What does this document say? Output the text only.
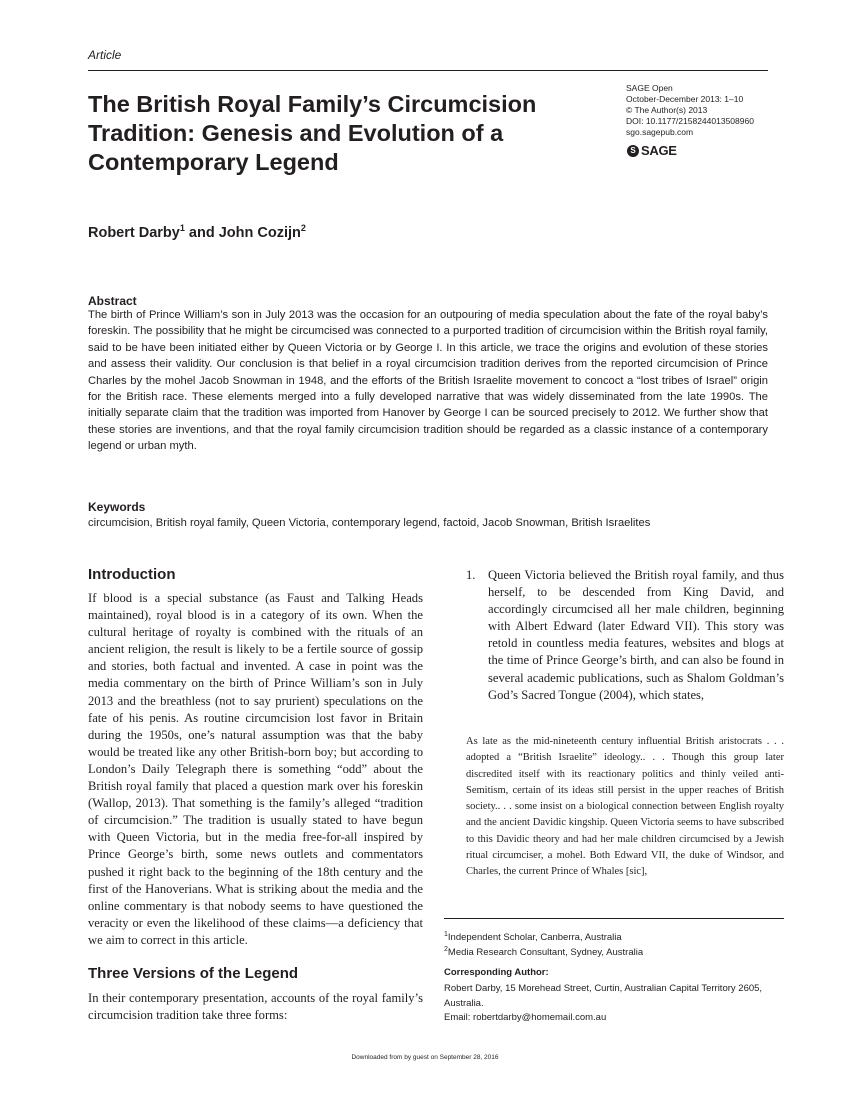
Article
The British Royal Family’s Circumcision
Tradition: Genesis and Evolution of a
Contemporary Legend
SAGE Open
October-December 2013: 1–10
© The Author(s) 2013
DOI: 10.1177/2158244013508960
sgo.sagepub.com
S SAGE
Robert Darby$^1$ and John Cozijn$^2$
Abstract
The birth of Prince William’s son in July 2013 was the occasion for an outpouring of media speculation about the fate of the royal baby’s foreskin. The possibility that he might be circumcised was connected to a purported tradition of circumcision within the British royal family, said to be have been initiated either by Queen Victoria or by George I. In this article, we trace the origins and evolution of these stories and assess their validity. Our conclusion is that belief in a royal circumcision tradition derives from the reported circumcision of Prince Charles by the mohel Jacob Snowman in 1948, and the efforts of the British Israelite movement to concoct a “lost tribes of Israel” origin for the British race. These elements merged into a fully developed narrative that was widely disseminated from the late 1990s. The initially separate claim that the tradition was imported from Hanover by George I can be sourced precisely to 2012. We further show that these stories are inventions, and that the royal family circumcision tradition should be regarded as a classic instance of a contemporary legend or urban myth.
Keywords
circumcision, British royal family, Queen Victoria, contemporary legend, factoid, Jacob Snowman, British Israelites
Introduction
If blood is a special substance (as Faust and Talking Heads maintained), royal blood is in a category of its own. When the cultural heritage of royalty is combined with the rituals of an ancient religion, the result is likely to be a fertile source of gossip and stories, both factual and invented. A case in point was the media commentary on the birth of Prince William’s son in July 2013 and the breathless (not to say prurient) speculations on the fate of his penis. As routine circumcision lost favor in Britain during the 1950s, one’s natural assumption was that the baby would be treated like any other British-born boy; but according to London’s Daily Telegraph there is something “odd” about the British royal family that placed a question mark over his foreskin (Wallop, 2013). That something is the family’s alleged “tradition of circumcision.” The tradition is usually stated to have begun with Queen Victoria, but in the media free-for-all inspired by Prince George’s birth, some news outlets and commentators pushed it right back to the beginning of the 18th century and the first of the Hanoverians. What is striking about the media and the online commentary is that nobody seems to have questioned the veracity or even the likelihood of these claims—a deficiency that we aim to correct in this article.
Three Versions of the Legend
In their contemporary presentation, accounts of the royal family’s circumcision tradition take three forms:
1. Queen Victoria believed the British royal family, and thus herself, to be descended from King David, and accordingly circumcised all her male children, beginning with Albert Edward (later Edward VII). This story was retold in countless media features, websites and blogs at the time of Prince George’s birth, and can also be found in several academic publications, such as Shalom Goldman’s God’s Sacred Tongue (2004), which states,
As late as the mid-nineteenth century influential British aristocrats . . . adopted a “British Israelite” ideology.. . . Though this group later discredited itself with its reactionary politics and thinly veiled anti-Semitism, certain of its ideas still persist in the upper reaches of British society.. . . some insist on a biological connection between English royalty and the ancient Davidic kingship. Queen Victoria seems to have subscribed to this Davidic theory and had her male children circumcised by a Jewish ritual circumciser, a mohel. Both Edward VII, the duke of Windsor, and Charles, the current Prince of Whales [sic],
$^1$Independent Scholar, Canberra, Australia
$^2$Media Research Consultant, Sydney, Australia
Corresponding Author:
Robert Darby, 15 Morehead Street, Curtin, Australian Capital Territory 2605, Australia.
Email: robertdarby@homemail.com.au
Downloaded from by guest on September 28, 2016
